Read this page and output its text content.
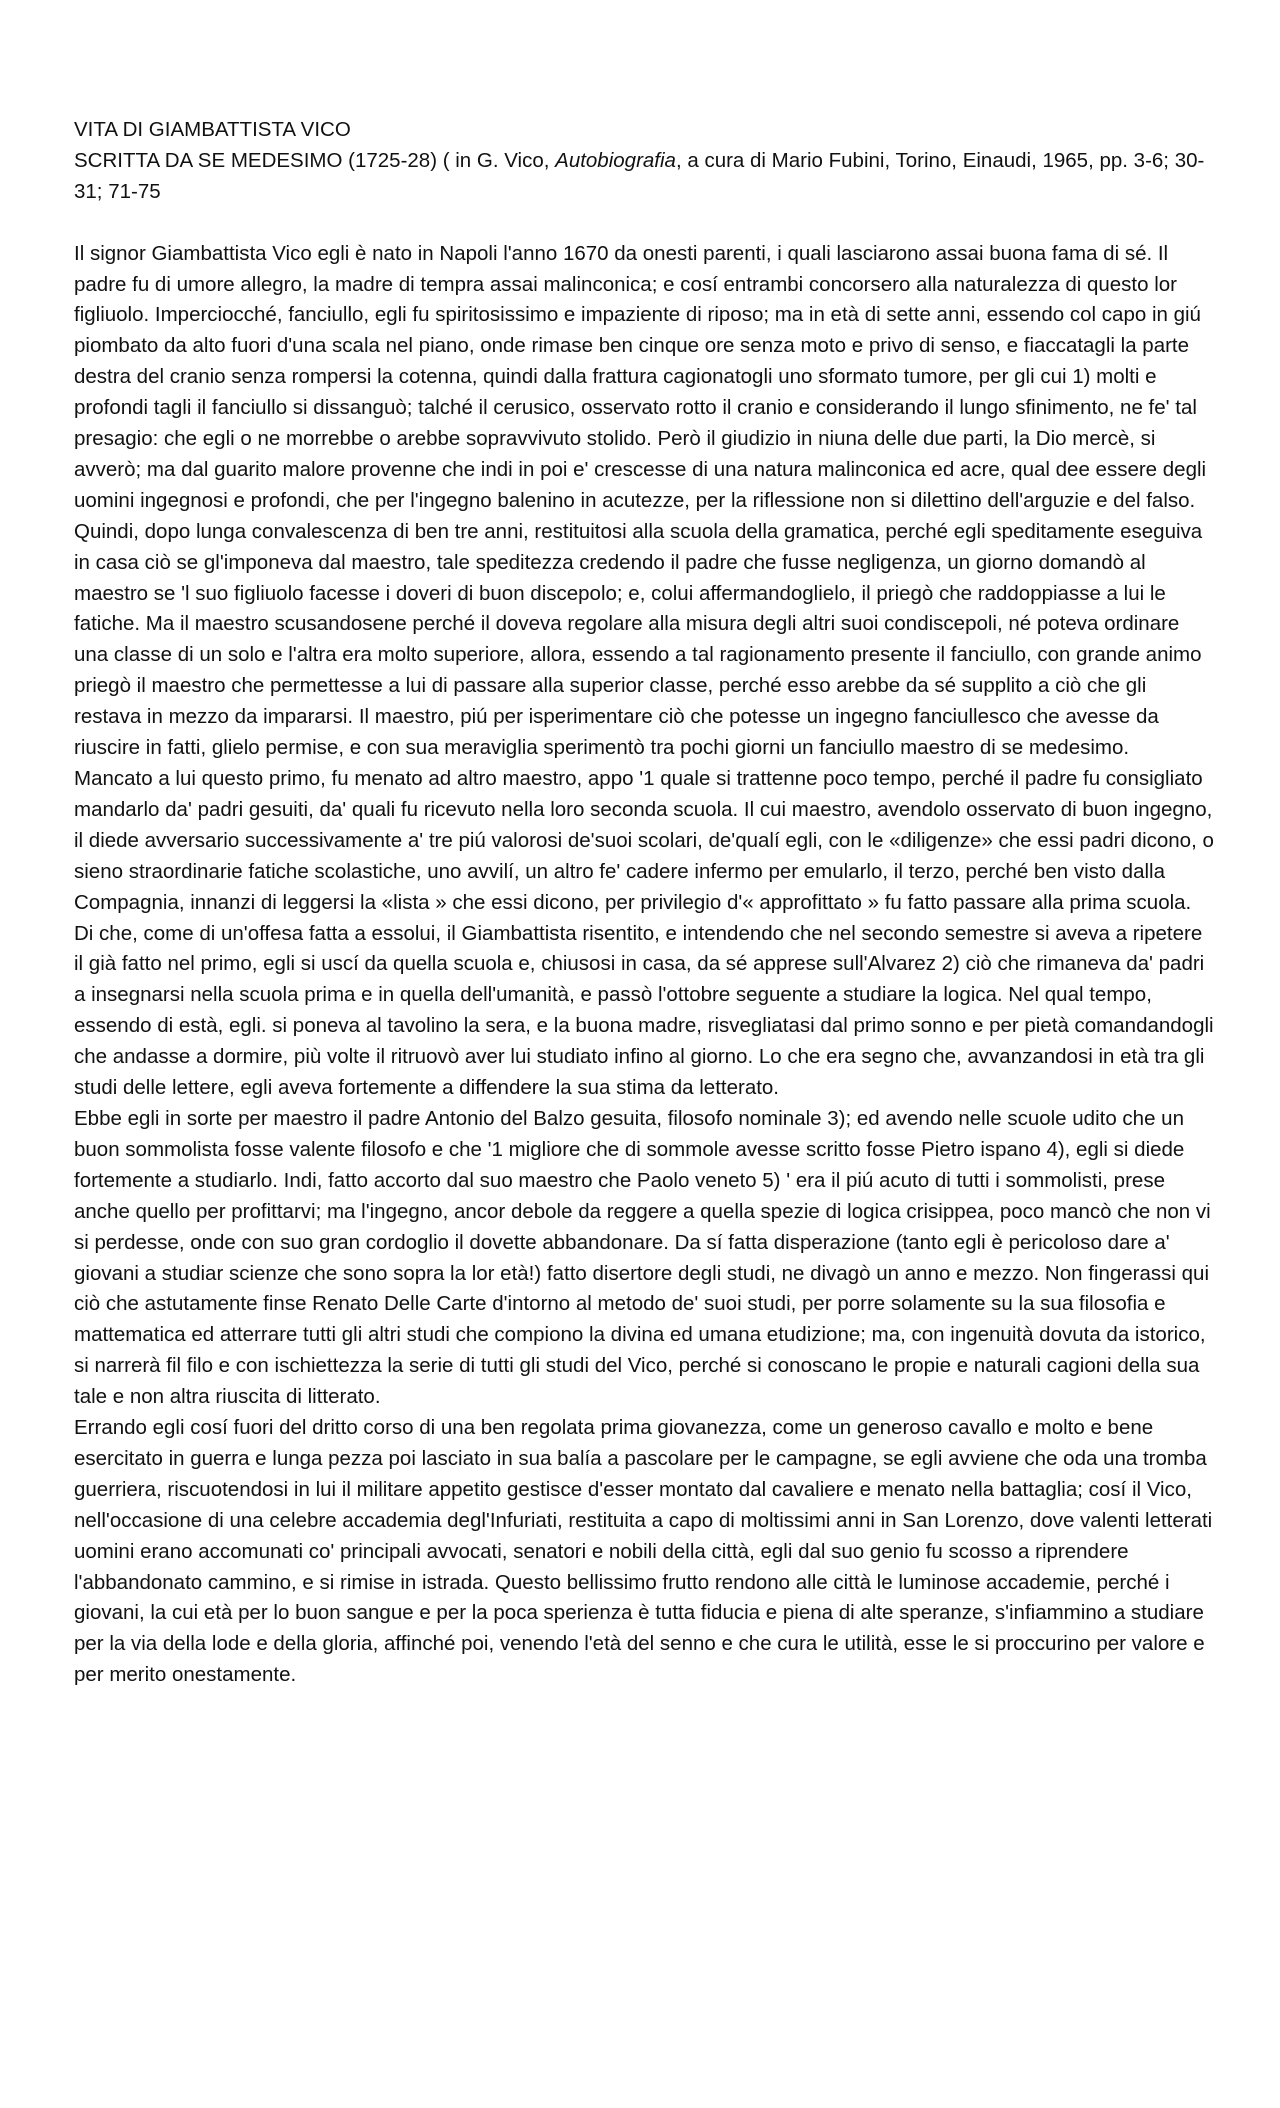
VITA DI GIAMBATTISTA VICO

SCRITTA DA SE MEDESIMO (1725-28) ( in G. Vico, Autobiografia, a cura di Mario Fubini, Torino, Einaudi, 1965, pp. 3-6; 30-31; 71-75

Il signor Giambattista Vico egli è nato in Napoli l'anno 1670 da onesti parenti, i quali lasciarono assai buona fama di sé. Il padre fu di umore allegro, la madre di tempra assai malinconica; e cosí entrambi concorsero alla naturalezza di questo lor figliuolo. Imperciocché, fanciullo, egli fu spiritosissimo e impaziente di riposo; ma in età di sette anni, essendo col capo in giú piombato da alto fuori d'una scala nel piano, onde rimase ben cinque ore senza moto e privo di senso, e fiaccatagli la parte destra del cranio senza rompersi la cotenna, quindi dalla frattura cagionatogli uno sformato tumore, per gli cui 1) molti e profondi tagli il fanciullo si dissanguò; talché il cerusico, osservato rotto il cranio e considerando il lungo sfinimento, ne fe' tal presagio: che egli o ne morrebbe o arebbe sopravvivuto stolido. Però il giudizio in niuna delle due parti, la Dio mercè, si avverò; ma dal guarito malore provenne che indi in poi e' crescesse di una natura malinconica ed acre, qual dee essere degli uomini ingegnosi e profondi, che per l'ingegno balenino in acutezze, per la riflessione non si dilettino dell'arguzie e del falso.

Quindi, dopo lunga convalescenza di ben tre anni, restituitosi alla scuola della gramatica, perché egli speditamente eseguiva in casa ciò se gl'imponeva dal maestro, tale speditezza credendo il padre che fusse negligenza, un giorno domandò al maestro se 'l suo figliuolo facesse i doveri di buon discepolo; e, colui affermandoglielo, il priegò che raddoppiasse a lui le fatiche. Ma il maestro scusandosene perché il doveva regolare alla misura degli altri suoi condiscepoli, né poteva ordinare una classe di un solo e l'altra era molto superiore, allora, essendo a tal ragionamento presente il fanciullo, con grande animo priegò il maestro che permettesse a lui di passare alla superior classe, perché esso arebbe da sé supplito a ciò che gli restava in mezzo da impararsi. Il maestro, piú per isperimentare ciò che potesse un ingegno fanciullesco che avesse da riuscire in fatti, glielo permise, e con sua meraviglia sperimentò tra pochi giorni un fanciullo maestro di se medesimo.

Mancato a lui questo primo, fu menato ad altro maestro, appo '1 quale si trattenne poco tempo, perché il padre fu consigliato mandarlo da' padri gesuiti, da' quali fu ricevuto nella loro seconda scuola. Il cui maestro, avendolo osservato di buon ingegno, il diede avversario successivamente a' tre piú valorosi de'suoi scolari, de'qualí egli, con le «diligenze» che essi padri dicono, o sieno straordinarie fatiche scolastiche, uno avvilí, un altro fe' cadere infermo per emularlo, il terzo, perché ben visto dalla Compagnia, innanzi di leggersi la «lista » che essi dicono, per privilegio d'« approfittato » fu fatto passare alla prima scuola. Di che, come di un'offesa fatta a essolui, il Giambattista risentito, e intendendo che nel secondo semestre si aveva a ripetere il già fatto nel primo, egli si uscí da quella scuola e, chiusosi in casa, da sé apprese sull'Alvarez 2) ciò che rimaneva da' padri a insegnarsi nella scuola prima e in quella dell'umanità, e passò l'ottobre seguente a studiare la logica. Nel qual tempo, essendo di està, egli. si poneva al tavolino la sera, e la buona madre, risvegliatasi dal primo sonno e per pietà comandandogli che andasse a dormire, più volte il ritruovò aver lui studiato infino al giorno. Lo che era segno che, avvanzandosi in età tra gli studi delle lettere, egli aveva fortemente a diffendere la sua stima da letterato.

Ebbe egli in sorte per maestro il padre Antonio del Balzo gesuita, filosofo nominale 3); ed avendo nelle scuole udito che un buon sommolista fosse valente filosofo e che '1 migliore che di sommole avesse scritto fosse Pietro ispano 4), egli si diede fortemente a studiarlo. Indi, fatto accorto dal suo maestro che Paolo veneto 5) ' era il piú acuto di tutti i sommolisti, prese anche quello per profittarvi; ma l'ingegno, ancor debole da reggere a quella spezie di logica crisippea, poco mancò che non vi si perdesse, onde con suo gran cordoglio il dovette abbandonare. Da sí fatta disperazione (tanto egli è pericoloso dare a' giovani a studiar scienze che sono sopra la lor età!) fatto disertore degli studi, ne divagò un anno e mezzo. Non fingerassi qui ciò che astutamente finse Renato Delle Carte d'intorno al metodo de' suoi studi, per porre solamente su la sua filosofia e mattematica ed atterrare tutti gli altri studi che compiono la divina ed umana etudizione; ma, con ingenuità dovuta da istorico, si narrerà fil filo e con ischiettezza la serie di tutti gli studi del Vico, perché si conoscano le propie e naturali cagioni della sua tale e non altra riuscita di litterato.

Errando egli cosí fuori del dritto corso di una ben regolata prima giovanezza, come un generoso cavallo e molto e bene esercitato in guerra e lunga pezza poi lasciato in sua balía a pascolare per le campagne, se egli avviene che oda una tromba guerriera, riscuotendosi in lui il militare appetito gestisce d'esser montato dal cavaliere e menato nella battaglia; cosí il Vico, nell'occasione di una celebre accademia degl'Infuriati, restituita a capo di moltissimi anni in San Lorenzo, dove valenti letterati uomini erano accomunati co' principali avvocati, senatori e nobili della città, egli dal suo genio fu scosso a riprendere l'abbandonato cammino, e si rimise in istrada. Questo bellissimo frutto rendono alle città le luminose accademie, perché i giovani, la cui età per lo buon sangue e per la poca sperienza è tutta fiducia e piena di alte speranze, s'infiammino a studiare per la via della lode e della gloria, affinché poi, venendo l'età del senno e che cura le utilità, esse le si proccurino per valore e per merito onestamente.
